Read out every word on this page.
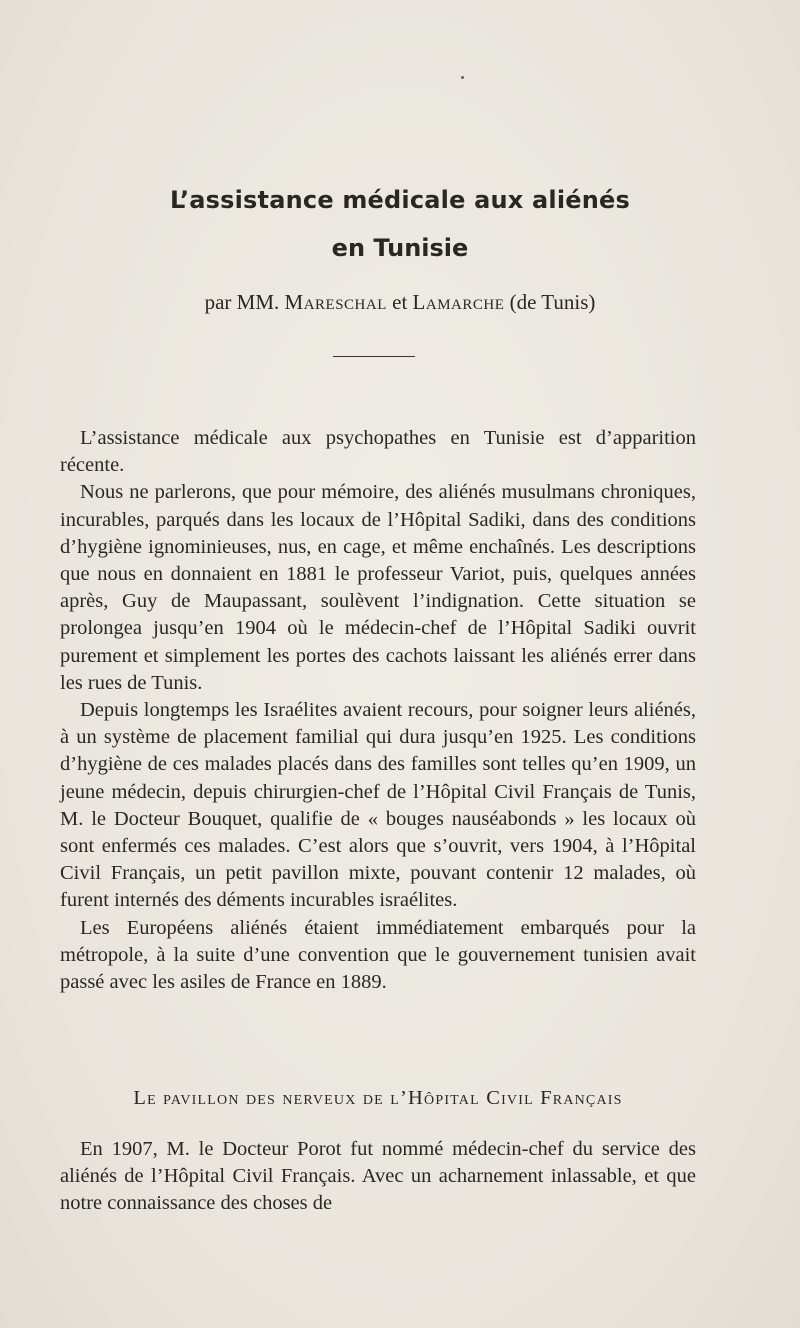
L’assistance médicale aux aliénés
en Tunisie
par MM. Mareschal et Lamarche (de Tunis)

L’assistance médicale aux psychopathes en Tunisie est d’apparition récente.

Nous ne parlerons, que pour mémoire, des aliénés musulmans chroniques, incurables, parqués dans les locaux de l’Hôpital Sadiki, dans des conditions d’hygiène ignominieuses, nus, en cage, et même enchaînés. Les descriptions que nous en donnaient en 1881 le professeur Variot, puis, quelques années après, Guy de Maupassant, soulèvent l’indignation. Cette situation se prolongea jusqu’en 1904 où le médecin-chef de l’Hôpital Sadiki ouvrit purement et simplement les portes des cachots laissant les aliénés errer dans les rues de Tunis.

Depuis longtemps les Israélites avaient recours, pour soigner leurs aliénés, à un système de placement familial qui dura jusqu’en 1925. Les conditions d’hygiène de ces malades placés dans des familles sont telles qu’en 1909, un jeune médecin, depuis chirurgien-chef de l’Hôpital Civil Français de Tunis, M. le Docteur Bouquet, qualifie de « bouges nauséabonds » les locaux où sont enfermés ces malades. C’est alors que s’ouvrit, vers 1904, à l’Hôpital Civil Français, un petit pavillon mixte, pouvant contenir 12 malades, où furent internés des déments incurables israélites.

Les Européens aliénés étaient immédiatement embarqués pour la métropole, à la suite d’une convention que le gouvernement tunisien avait passé avec les asiles de France en 1889.

Le pavillon des nerveux de l’Hôpital Civil Français

En 1907, M. le Docteur Porot fut nommé médecin-chef du service des aliénés de l’Hôpital Civil Français. Avec un acharnement inlassable, et que notre connaissance des choses de
